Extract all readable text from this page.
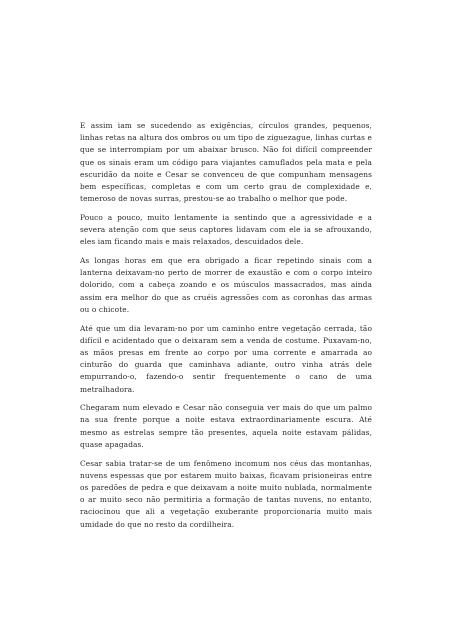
E assim iam se sucedendo as exigências, círculos grandes, pequenos, linhas retas na altura dos ombros ou um tipo de ziguezague, linhas curtas e que se interrompiam por um abaixar brusco. Não foi difícil compreender que os sinais eram um código para viajantes camuflados pela mata e pela escuridão da noite e Cesar se convenceu de que compunham mensagens bem específicas, completas e com um certo grau de complexidade e, temeroso de novas surras, prestou-se ao trabalho o melhor que pode.

Pouco a pouco, muito lentamente ia sentindo que a agressividade e a severa atenção com que seus captores lidavam com ele ia se afrouxando, eles iam ficando mais e mais relaxados, descuidados dele.

As longas horas em que era obrigado a ficar repetindo sinais com a lanterna deixavam-no perto de morrer de exaustão e com o corpo inteiro dolorido, com a cabeça zoando e os músculos massacrados, mas ainda assim era melhor do que as cruéis agressões com as coronhas das armas ou o chicote.

Até que um dia levaram-no por um caminho entre vegetação cerrada, tão difícil e acidentado que o deixaram sem a venda de costume. Puxavam-no, as mãos presas em frente ao corpo por uma corrente e amarrada ao cinturão do guarda que caminhava adiante, outro vinha atrás dele empurrando-o, fazendo-o sentir frequentemente o cano de uma metralhadora.

Chegaram num elevado e Cesar não conseguia ver mais do que um palmo na sua frente porque a noite estava extraordinariamente escura. Até mesmo as estrelas sempre tão presentes, aquela noite estavam pálidas, quase apagadas.

Cesar sabia tratar-se de um fenômeno incomum nos céus das montanhas, nuvens espessas que por estarem muito baixas, ficavam prisioneiras entre os paredões de pedra e que deixavam a noite muito nublada, normalmente o ar muito seco não permitiria a formação de tantas nuvens, no entanto, raciocinou que ali a vegetação exuberante proporcionaria muito mais umidade do que no resto da cordilheira.
